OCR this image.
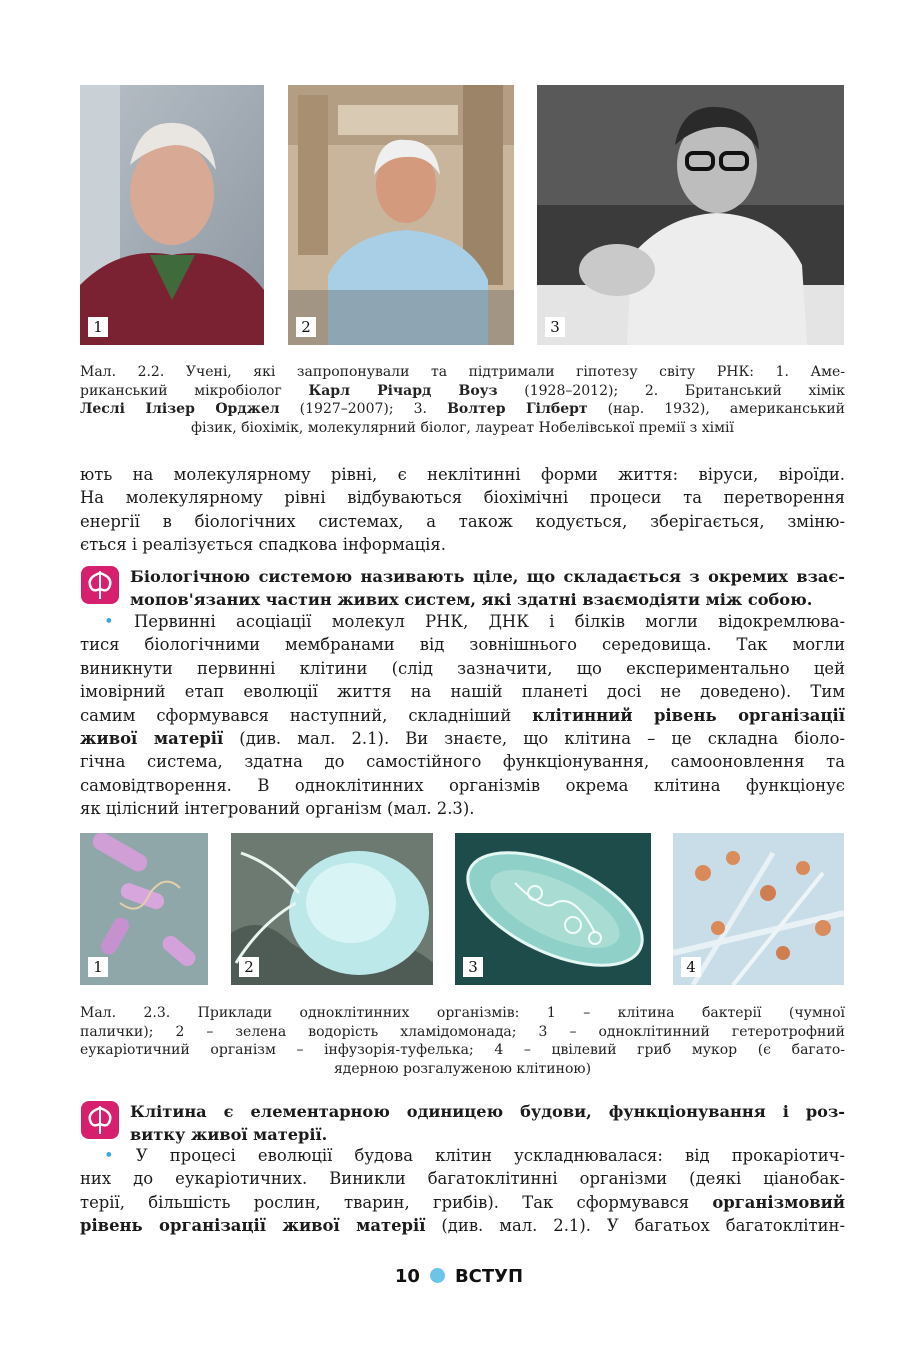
1	2	3
Мал. 2.2. Учені, які запропонували та підтримали гіпотезу світу РНК: 1. Аме-
риканський мікробіолог Карл Річард Воуз (1928–2012); 2. Британський хімік
Леслі Ілізер Орджел (1927–2007); 3. Волтер Гілберт (нар. 1932), американський
фізик, біохімік, молекулярний біолог, лауреат Нобелівської премії з хімії
ють на молекулярному рівні, є неклітинні форми життя: віруси, віроїди.
На молекулярному рівні відбуваються біохімічні процеси та перетворення
енергії в біологічних системах, а також кодується, зберігається, зміню-
ється і реалізується спадкова інформація.
Біологічною системою називають ціле, що складається з окремих взає-
мопов'язаних частин живих систем, які здатні взаємодіяти між собою.
• Первинні асоціації молекул РНК, ДНК і білків могли відокремлюва-
тися біологічними мембранами від зовнішнього середовища. Так могли
виникнути первинні клітини (слід зазначити, що експериментально цей
імовірний етап еволюції життя на нашій планеті досі не доведено). Тим
самим сформувався наступний, складніший клітинний рівень організації
живої матерії (див. мал. 2.1). Ви знаєте, що клітина – це складна біоло-
гічна система, здатна до самостійного функціонування, самооновлення та
самовідтворення. В одноклітинних організмів окрема клітина функціонує
як цілісний інтегрований організм (мал. 2.3).
1	2	3	4
Мал. 2.3. Приклади одноклітинних організмів: 1 – клітина бактерії (чумної
палички); 2 – зелена водорість хламідомонада; 3 – одноклітинний гетеротрофний
еукаріотичний організм – інфузорія-туфелька; 4 – цвілевий гриб мукор (є багато-
ядерною розгалуженою клітиною)
Клітина є елементарною одиницею будови, функціонування і роз-
витку живої матерії.
• У процесі еволюції будова клітин ускладнювалася: від прокаріотич-
них до еукаріотичних. Виникли багатоклітинні організми (деякі ціанобак-
терії, більшість рослин, тварин, грибів). Так сформувався організмовий
рівень організації живої матерії (див. мал. 2.1). У багатьох багатоклітин-
10 ВСТУП
